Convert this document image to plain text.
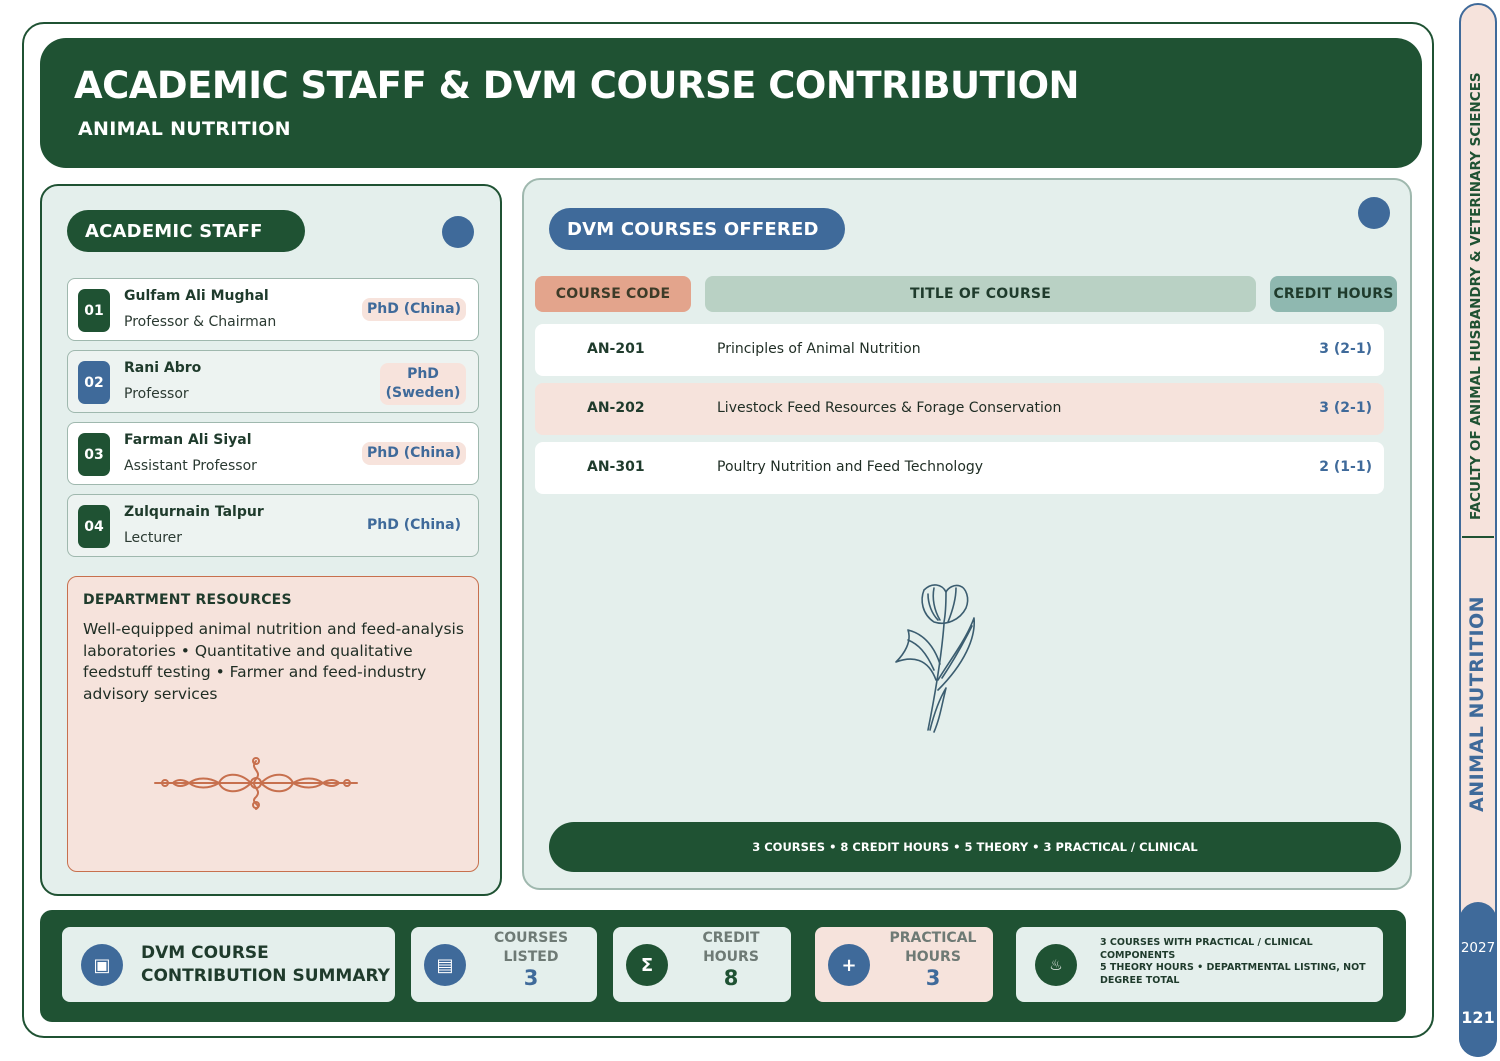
ACADEMIC STAFF & DVM COURSE CONTRIBUTION
ANIMAL NUTRITION
ACADEMIC STAFF
01
Gulfam Ali Mughal
Professor & Chairman
PhD (China)
02
Rani Abro
Professor
PhD (Sweden)
03
Farman Ali Siyal
Assistant Professor
PhD (China)
04
Zulqurnain Talpur
Lecturer
PhD (China)
DEPARTMENT RESOURCES
Well-equipped animal nutrition and feed-analysis laboratories • Quantitative and qualitative feedstuff testing • Farmer and feed-industry advisory services
DVM COURSES OFFERED
COURSE CODE	TITLE OF COURSE	CREDIT HOURS
AN-201	Principles of Animal Nutrition	3 (2-1)
AN-202	Livestock Feed Resources & Forage Conservation	3 (2-1)
AN-301	Poultry Nutrition and Feed Technology	2 (1-1)
3 COURSES • 8 CREDIT HOURS • 5 THEORY • 3 PRACTICAL / CLINICAL
▣
DVM COURSE CONTRIBUTION SUMMARY
▤
COURSES LISTED
3
Σ
CREDIT HOURS
8
+
PRACTICAL HOURS
3
♨
3 COURSES WITH PRACTICAL / CLINICAL COMPONENTS
5 THEORY HOURS • DEPARTMENTAL LISTING, NOT DEGREE TOTAL
FACULTY OF ANIMAL HUSBANDRY & VETERINARY SCIENCES
ANIMAL NUTRITION
2027
121
